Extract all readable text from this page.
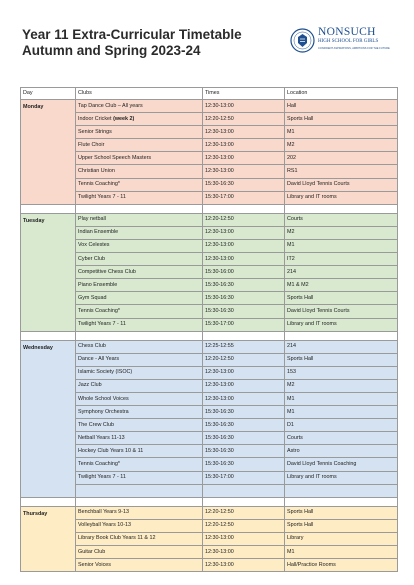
Year 11 Extra-Curricular Timetable
Autumn and Spring 2023-24
NONSUCH
HIGH SCHOOL FOR GIRLS
CONFIDENT ASPIRATIONS, AMBITIONS FOR THE FUTURE
Day	Clubs	Times	Location
Monday	Tap Dance Club – All years	12:30-13:00	Hall
	Indoor Cricket (week 2)	12:20-12:50	Sports Hall
	Senior Strings	12:30-13:00	M1
	Flute Choir	12:30-13:00	M2
	Upper School Speech Masters	12:30-13:00	202
	Christian Union	12:30-13:00	RS1
	Tennis Coaching*	15:30-16:30	David Lloyd Tennis Courts
	Twilight Years 7 - 11	15:30-17:00	Library and IT rooms

Tuesday	Play netball	12:20-12:50	Courts
	Indian Ensemble	12:30-13:00	M2
	Vox Celestes	12:30-13:00	M1
	Cyber Club	12:30-13:00	IT2
	Competitive Chess Club	15:30-16:00	214
	Piano Ensemble	15:30-16:30	M1 & M2
	Gym Squad	15:30-16:30	Sports Hall
	Tennis Coaching*	15:30-16:30	David Lloyd Tennis Courts
	Twilight Years 7 - 11	15:30-17:00	Library and IT rooms

Wednesday	Chess Club	12:25-12:55	214
	Dance - All Years	12:20-12:50	Sports Hall
	Islamic Society (ISOC)	12:30-13:00	153
	Jazz Club	12:30-13:00	M2
	Whole School Voices	12:30-13:00	M1
	Symphony Orchestra	15:30-16:30	M1
	The Crew Club	15:30-16:30	D1
	Netball Years 11-13	15:30-16:30	Courts
	Hockey Club Years 10 & 11	15:30-16:30	Astro
	Tennis Coaching*	15:30-16:30	David Lloyd Tennis Coaching
	Twilight Years 7 - 11	15:30-17:00	Library and IT rooms

Thursday	Benchball Years 9-13	12:20-12:50	Sports Hall
	Volleyball Years 10-13	12:20-12:50	Sports Hall
	Library Book Club Years 11 & 12	12:30-13:00	Library
	Guitar Club	12:30-13:00	M1
	Senior Voices	12:30-13:00	Hall/Practice Rooms
